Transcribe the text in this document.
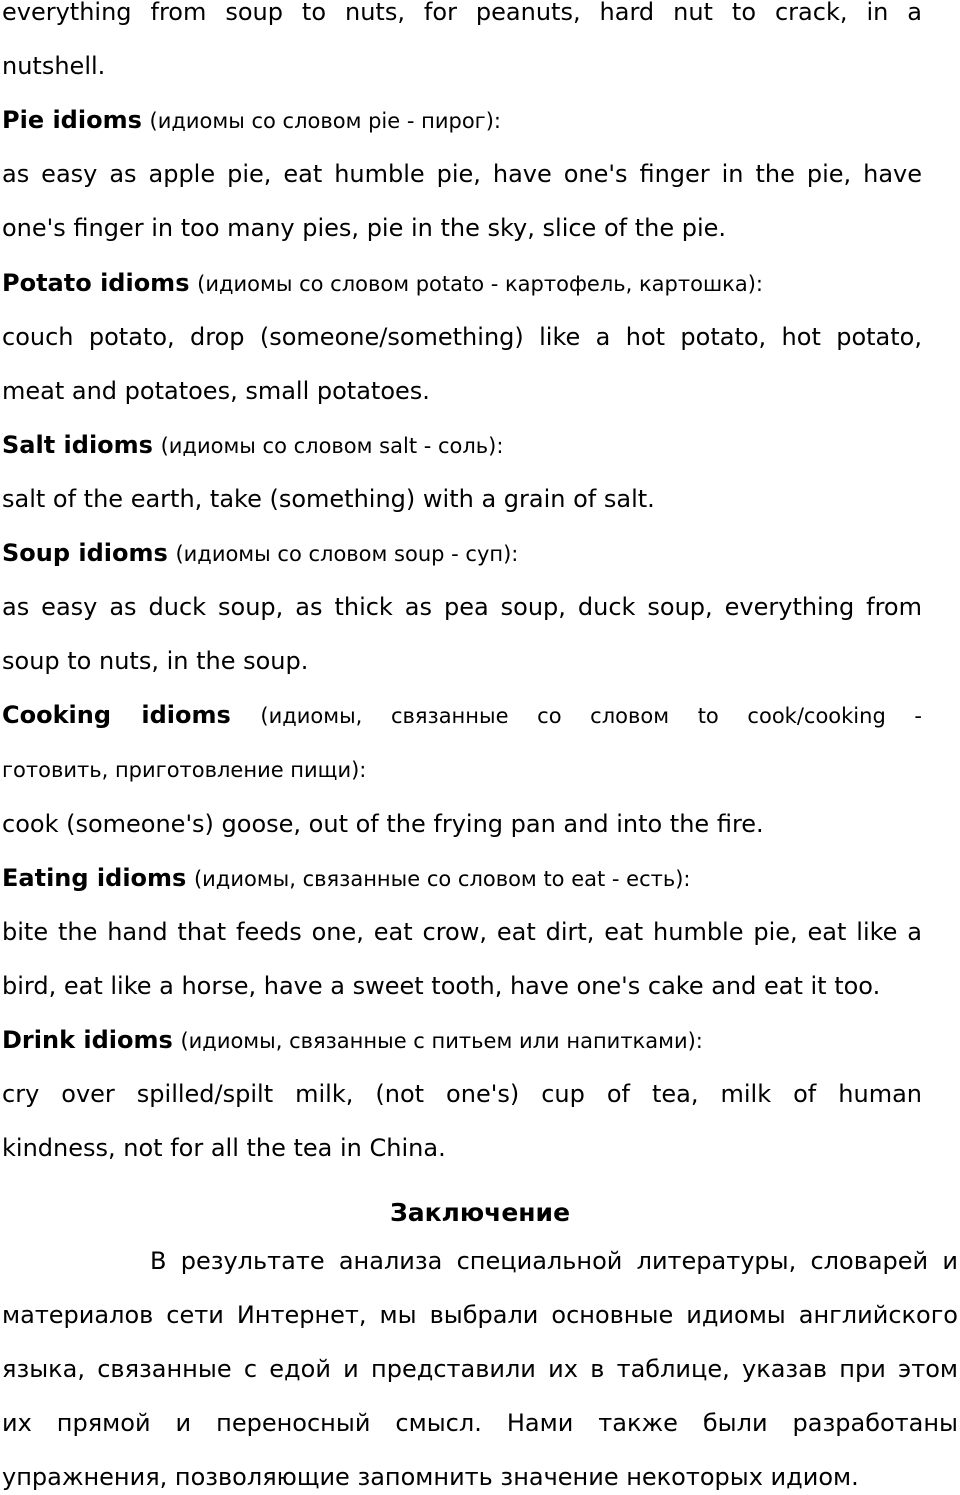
everything from soup to nuts, for peanuts, hard nut to crack, in a
nutshell.
Pie idioms (идиомы со словом pie - пирог):
as easy as apple pie, eat humble pie, have one's finger in the pie, have
one's finger in too many pies, pie in the sky, slice of the pie.
Potato idioms (идиомы со словом potato - картофель, картошка):
couch potato, drop (someone/something) like a hot potato, hot potato,
meat and potatoes, small potatoes.
Salt idioms (идиомы со словом salt - соль):
salt of the earth, take (something) with a grain of salt.
Soup idioms (идиомы со словом soup - суп):
as easy as duck soup, as thick as pea soup, duck soup, everything from
soup to nuts, in the soup.
Cooking idioms (идиомы, связанные со словом to cook/cooking -
готовить, приготовление пищи):
cook (someone's) goose, out of the frying pan and into the fire.
Eating idioms (идиомы, связанные со словом to eat - есть):
bite the hand that feeds one, eat crow, eat dirt, eat humble pie, eat like a
bird, eat like a horse, have a sweet tooth, have one's cake and eat it too.
Drink idioms (идиомы, связанные с питьем или напитками):
cry over spilled/spilt milk, (not one's) cup of tea, milk of human
kindness, not for all the tea in China.
Заключение
В результате анализа специальной литературы, словарей и
материалов сети Интернет, мы выбрали основные идиомы английского
языка, связанные с едой и представили их в таблице, указав при этом
их прямой и переносный смысл. Нами также были разработаны
упражнения, позволяющие запомнить значение некоторых идиом.
